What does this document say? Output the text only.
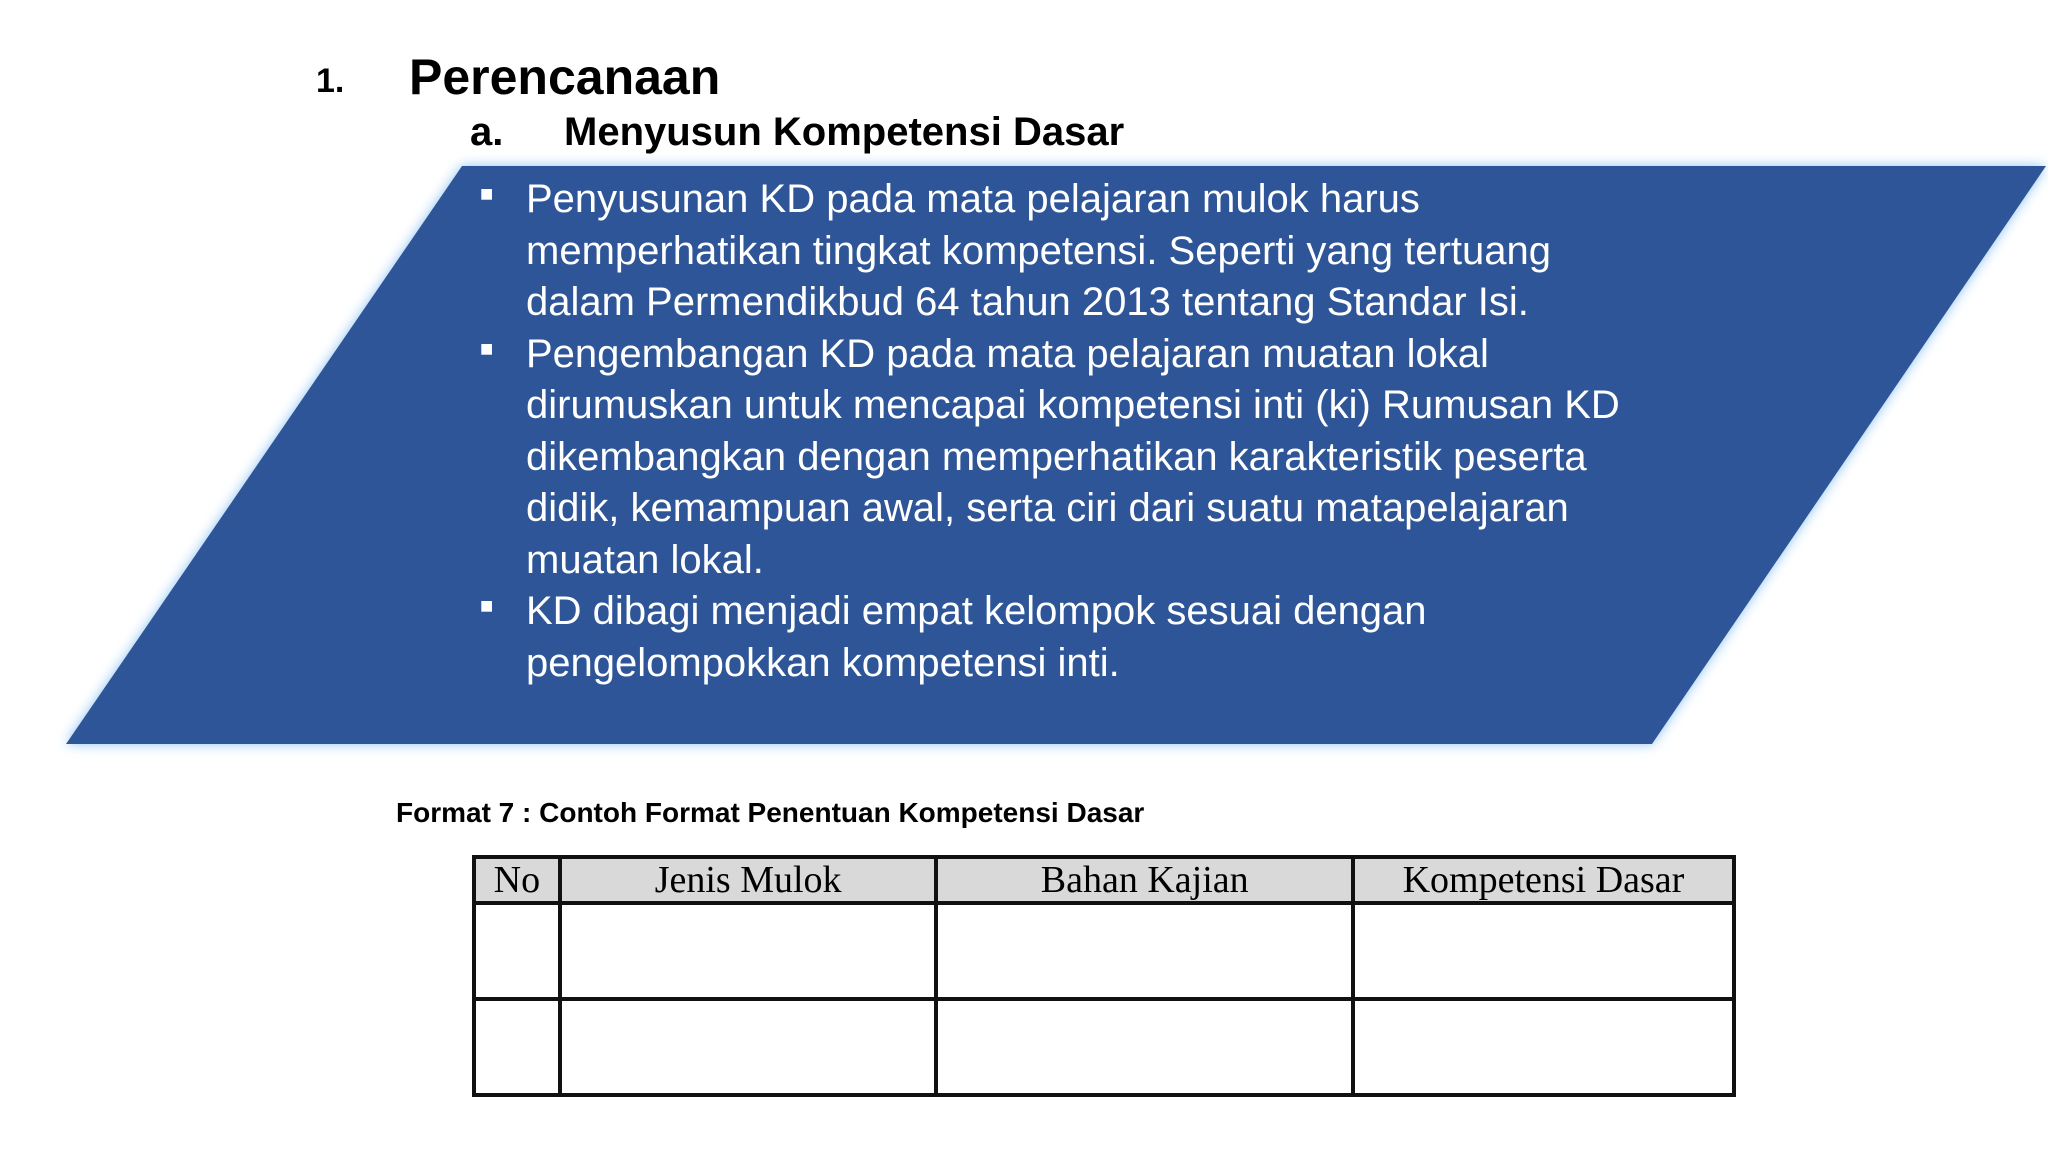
1. Perencanaan
a. Menyusun Kompetensi Dasar
■ Penyusunan KD pada mata pelajaran mulok harus memperhatikan tingkat kompetensi. Seperti yang tertuang dalam Permendikbud 64 tahun 2013 tentang Standar Isi.
■ Pengembangan KD pada mata pelajaran muatan lokal dirumuskan untuk mencapai kompetensi inti (ki) Rumusan KD dikembangkan dengan memperhatikan karakteristik peserta didik, kemampuan awal, serta ciri dari suatu matapelajaran muatan lokal.
■ KD dibagi menjadi empat kelompok sesuai dengan pengelompokkan kompetensi inti.
Format 7 : Contoh Format Penentuan Kompetensi Dasar
No	Jenis Mulok	Bahan Kajian	Kompetensi Dasar
